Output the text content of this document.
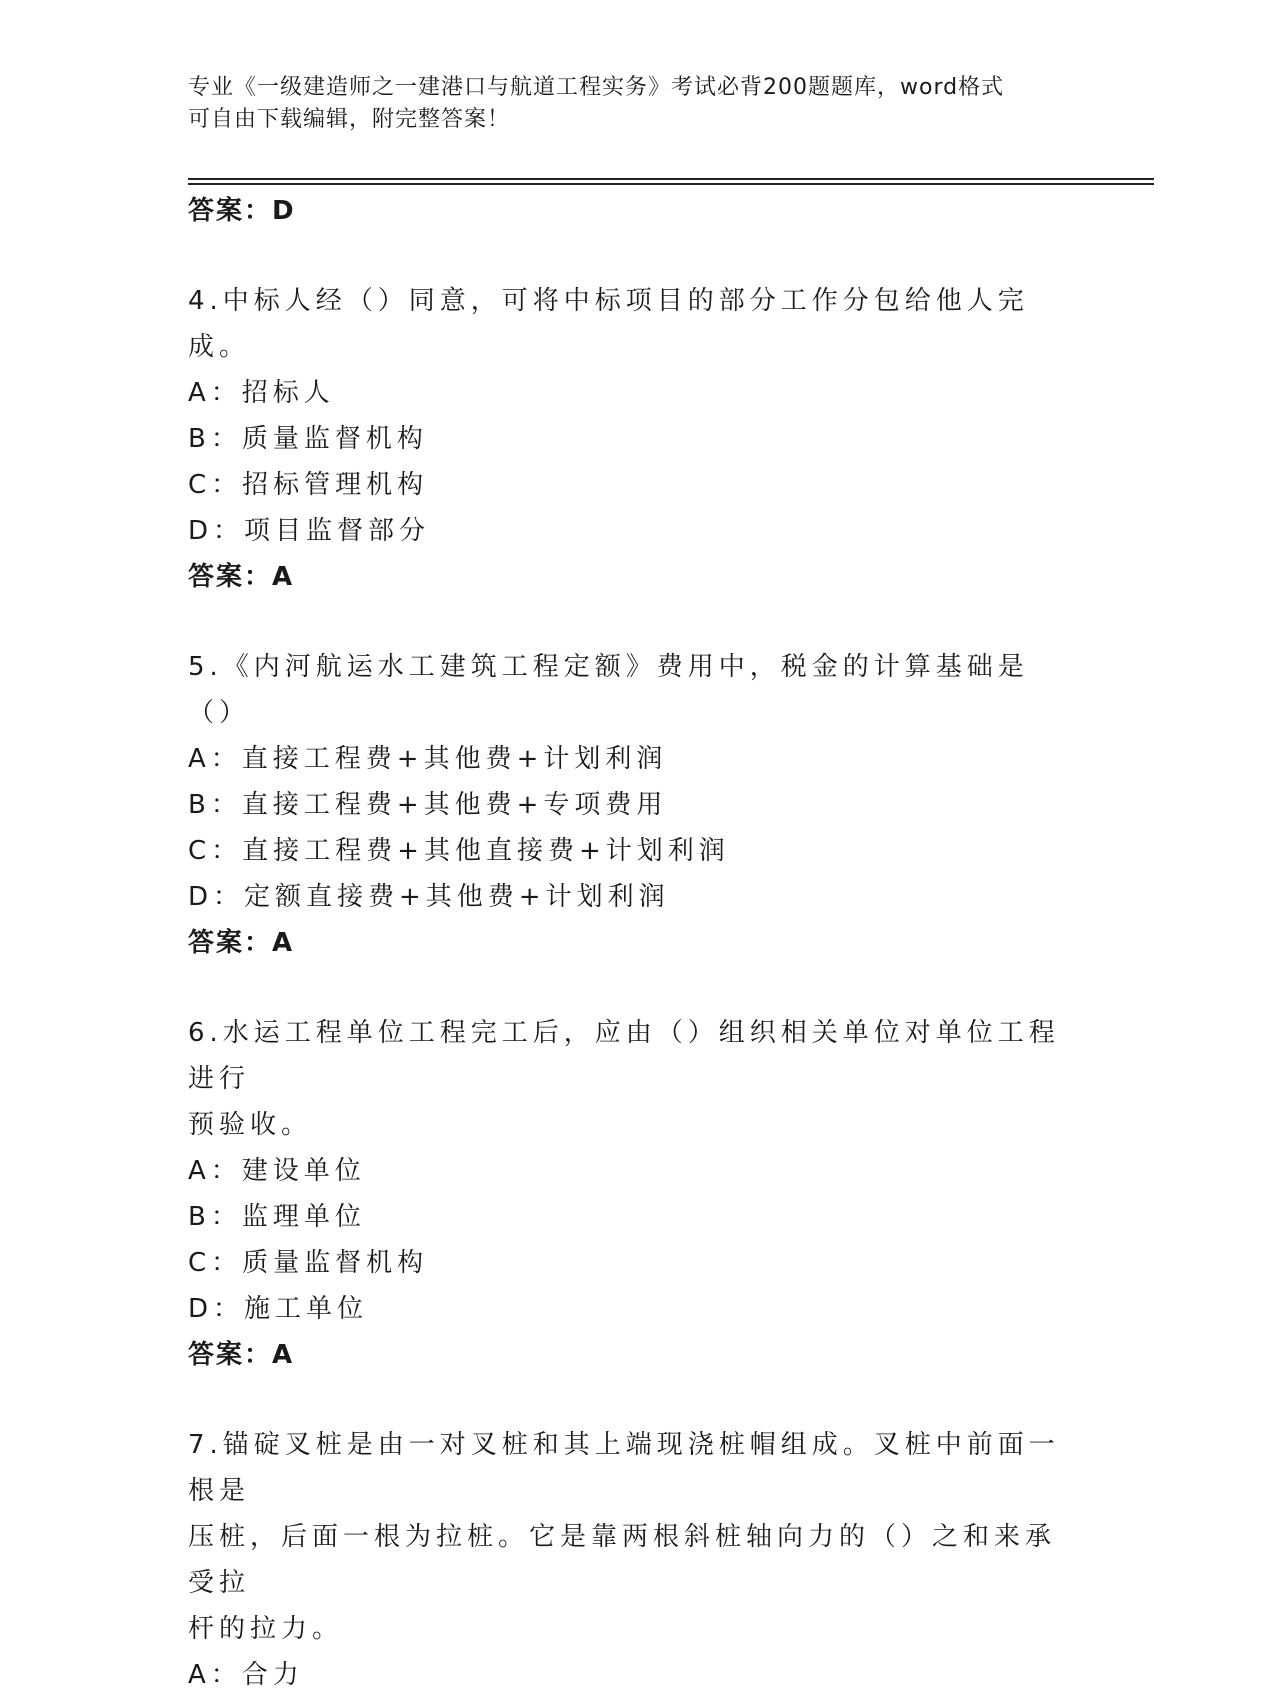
专业《一级建造师之一建港口与航道工程实务》考试必背200题题库，word格式
可自由下载编辑，附完整答案！
答案：D
4.中标人经（）同意，可将中标项目的部分工作分包给他人完成。
A：招标人
B：质量监督机构
C：招标管理机构
D：项目监督部分
答案：A
5.《内河航运水工建筑工程定额》费用中，税金的计算基础是（）
A：直接工程费+其他费+计划利润
B：直接工程费+其他费+专项费用
C：直接工程费+其他直接费+计划利润
D：定额直接费+其他费+计划利润
答案：A
6.水运工程单位工程完工后，应由（）组织相关单位对单位工程进行
预验收。
A：建设单位
B：监理单位
C：质量监督机构
D：施工单位
答案：A
7.锚碇叉桩是由一对叉桩和其上端现浇桩帽组成。叉桩中前面一根是
压桩，后面一根为拉桩。它是靠两根斜桩轴向力的（）之和来承受拉
杆的拉力。
A：合力
